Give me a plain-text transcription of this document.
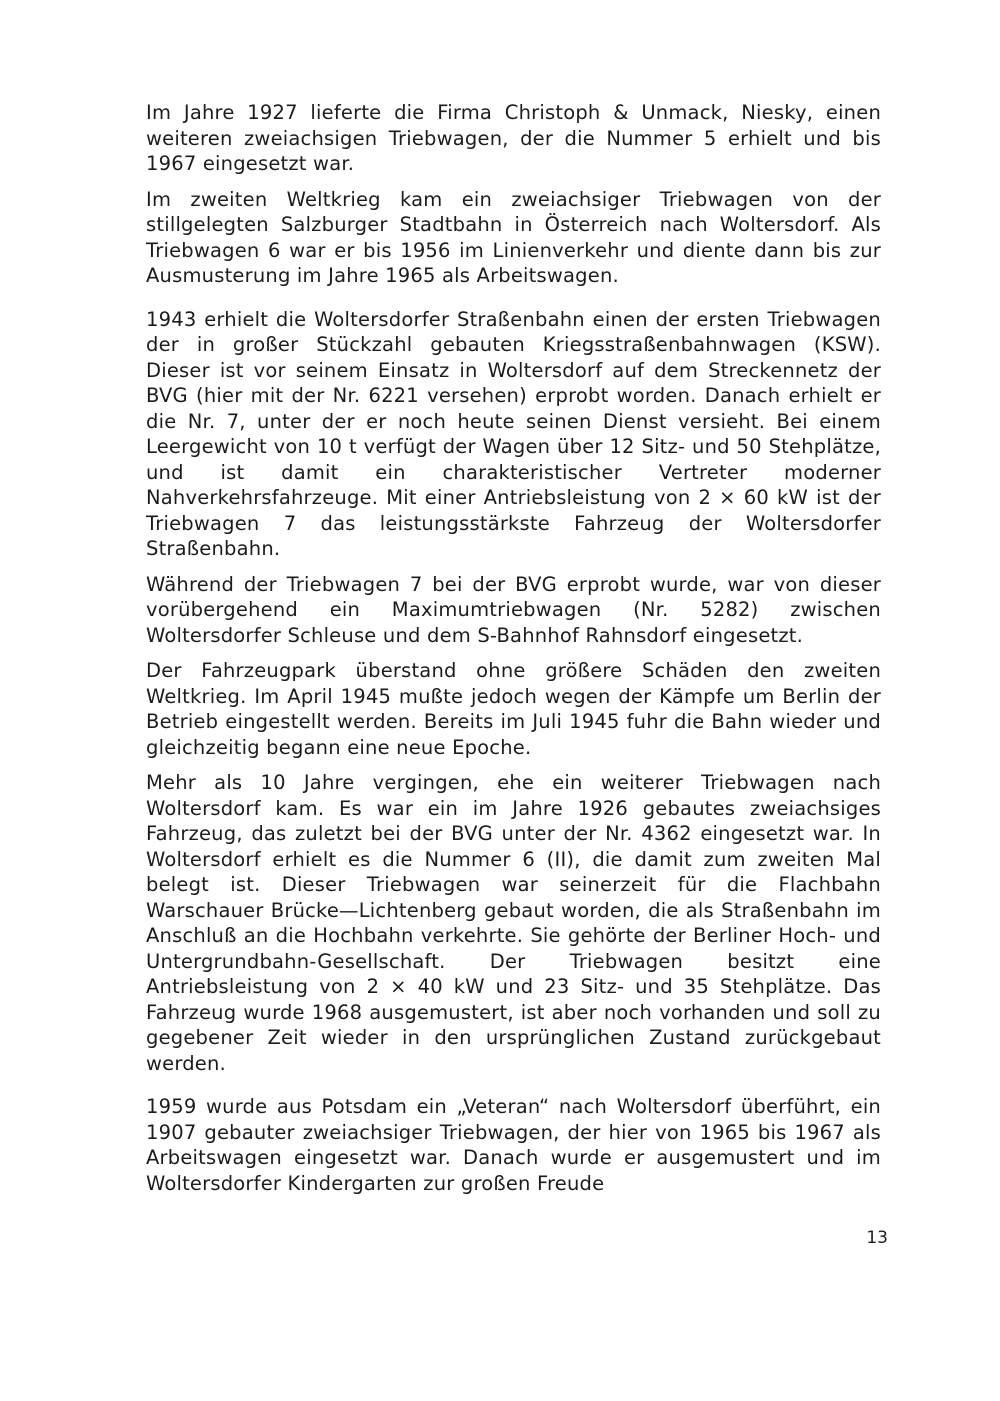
Im Jahre 1927 lieferte die Firma Christoph & Unmack, Niesky, einen weiteren zweiachsigen Triebwagen, der die Nummer 5 erhielt und bis 1967 eingesetzt war.

Im zweiten Weltkrieg kam ein zweiachsiger Triebwagen von der stillgelegten Salzburger Stadtbahn in Österreich nach Woltersdorf. Als Triebwagen 6 war er bis 1956 im Linienverkehr und diente dann bis zur Ausmusterung im Jahre 1965 als Arbeitswagen.

1943 erhielt die Woltersdorfer Straßenbahn einen der ersten Triebwagen der in großer Stückzahl gebauten Kriegsstraßenbahnwagen (KSW). Dieser ist vor seinem Einsatz in Woltersdorf auf dem Streckennetz der BVG (hier mit der Nr. 6221 versehen) erprobt worden. Danach erhielt er die Nr. 7, unter der er noch heute seinen Dienst versieht. Bei einem Leergewicht von 10 t verfügt der Wagen über 12 Sitz- und 50 Stehplätze, und ist damit ein charakteristischer Vertreter moderner Nahverkehrsfahrzeuge. Mit einer Antriebsleistung von 2 × 60 kW ist der Triebwagen 7 das leistungsstärkste Fahrzeug der Woltersdorfer Straßenbahn.

Während der Triebwagen 7 bei der BVG erprobt wurde, war von dieser vorübergehend ein Maximumtriebwagen (Nr. 5282) zwischen Woltersdorfer Schleuse und dem S-Bahnhof Rahnsdorf eingesetzt.

Der Fahrzeugpark überstand ohne größere Schäden den zweiten Weltkrieg. Im April 1945 mußte jedoch wegen der Kämpfe um Berlin der Betrieb eingestellt werden. Bereits im Juli 1945 fuhr die Bahn wieder und gleichzeitig begann eine neue Epoche.

Mehr als 10 Jahre vergingen, ehe ein weiterer Triebwagen nach Woltersdorf kam. Es war ein im Jahre 1926 gebautes zweiachsiges Fahrzeug, das zuletzt bei der BVG unter der Nr. 4362 eingesetzt war. In Woltersdorf erhielt es die Nummer 6 (II), die damit zum zweiten Mal belegt ist. Dieser Triebwagen war seinerzeit für die Flachbahn Warschauer Brücke—Lichtenberg gebaut worden, die als Straßenbahn im Anschluß an die Hochbahn verkehrte. Sie gehörte der Berliner Hoch- und Untergrundbahn-Gesellschaft. Der Triebwagen besitzt eine Antriebsleistung von 2 × 40 kW und 23 Sitz- und 35 Stehplätze. Das Fahrzeug wurde 1968 ausgemustert, ist aber noch vorhanden und soll zu gegebener Zeit wieder in den ursprünglichen Zustand zurückgebaut werden.

1959 wurde aus Potsdam ein „Veteran“ nach Woltersdorf überführt, ein 1907 gebauter zweiachsiger Triebwagen, der hier von 1965 bis 1967 als Arbeitswagen eingesetzt war. Danach wurde er ausgemustert und im Woltersdorfer Kindergarten zur großen Freude

13
